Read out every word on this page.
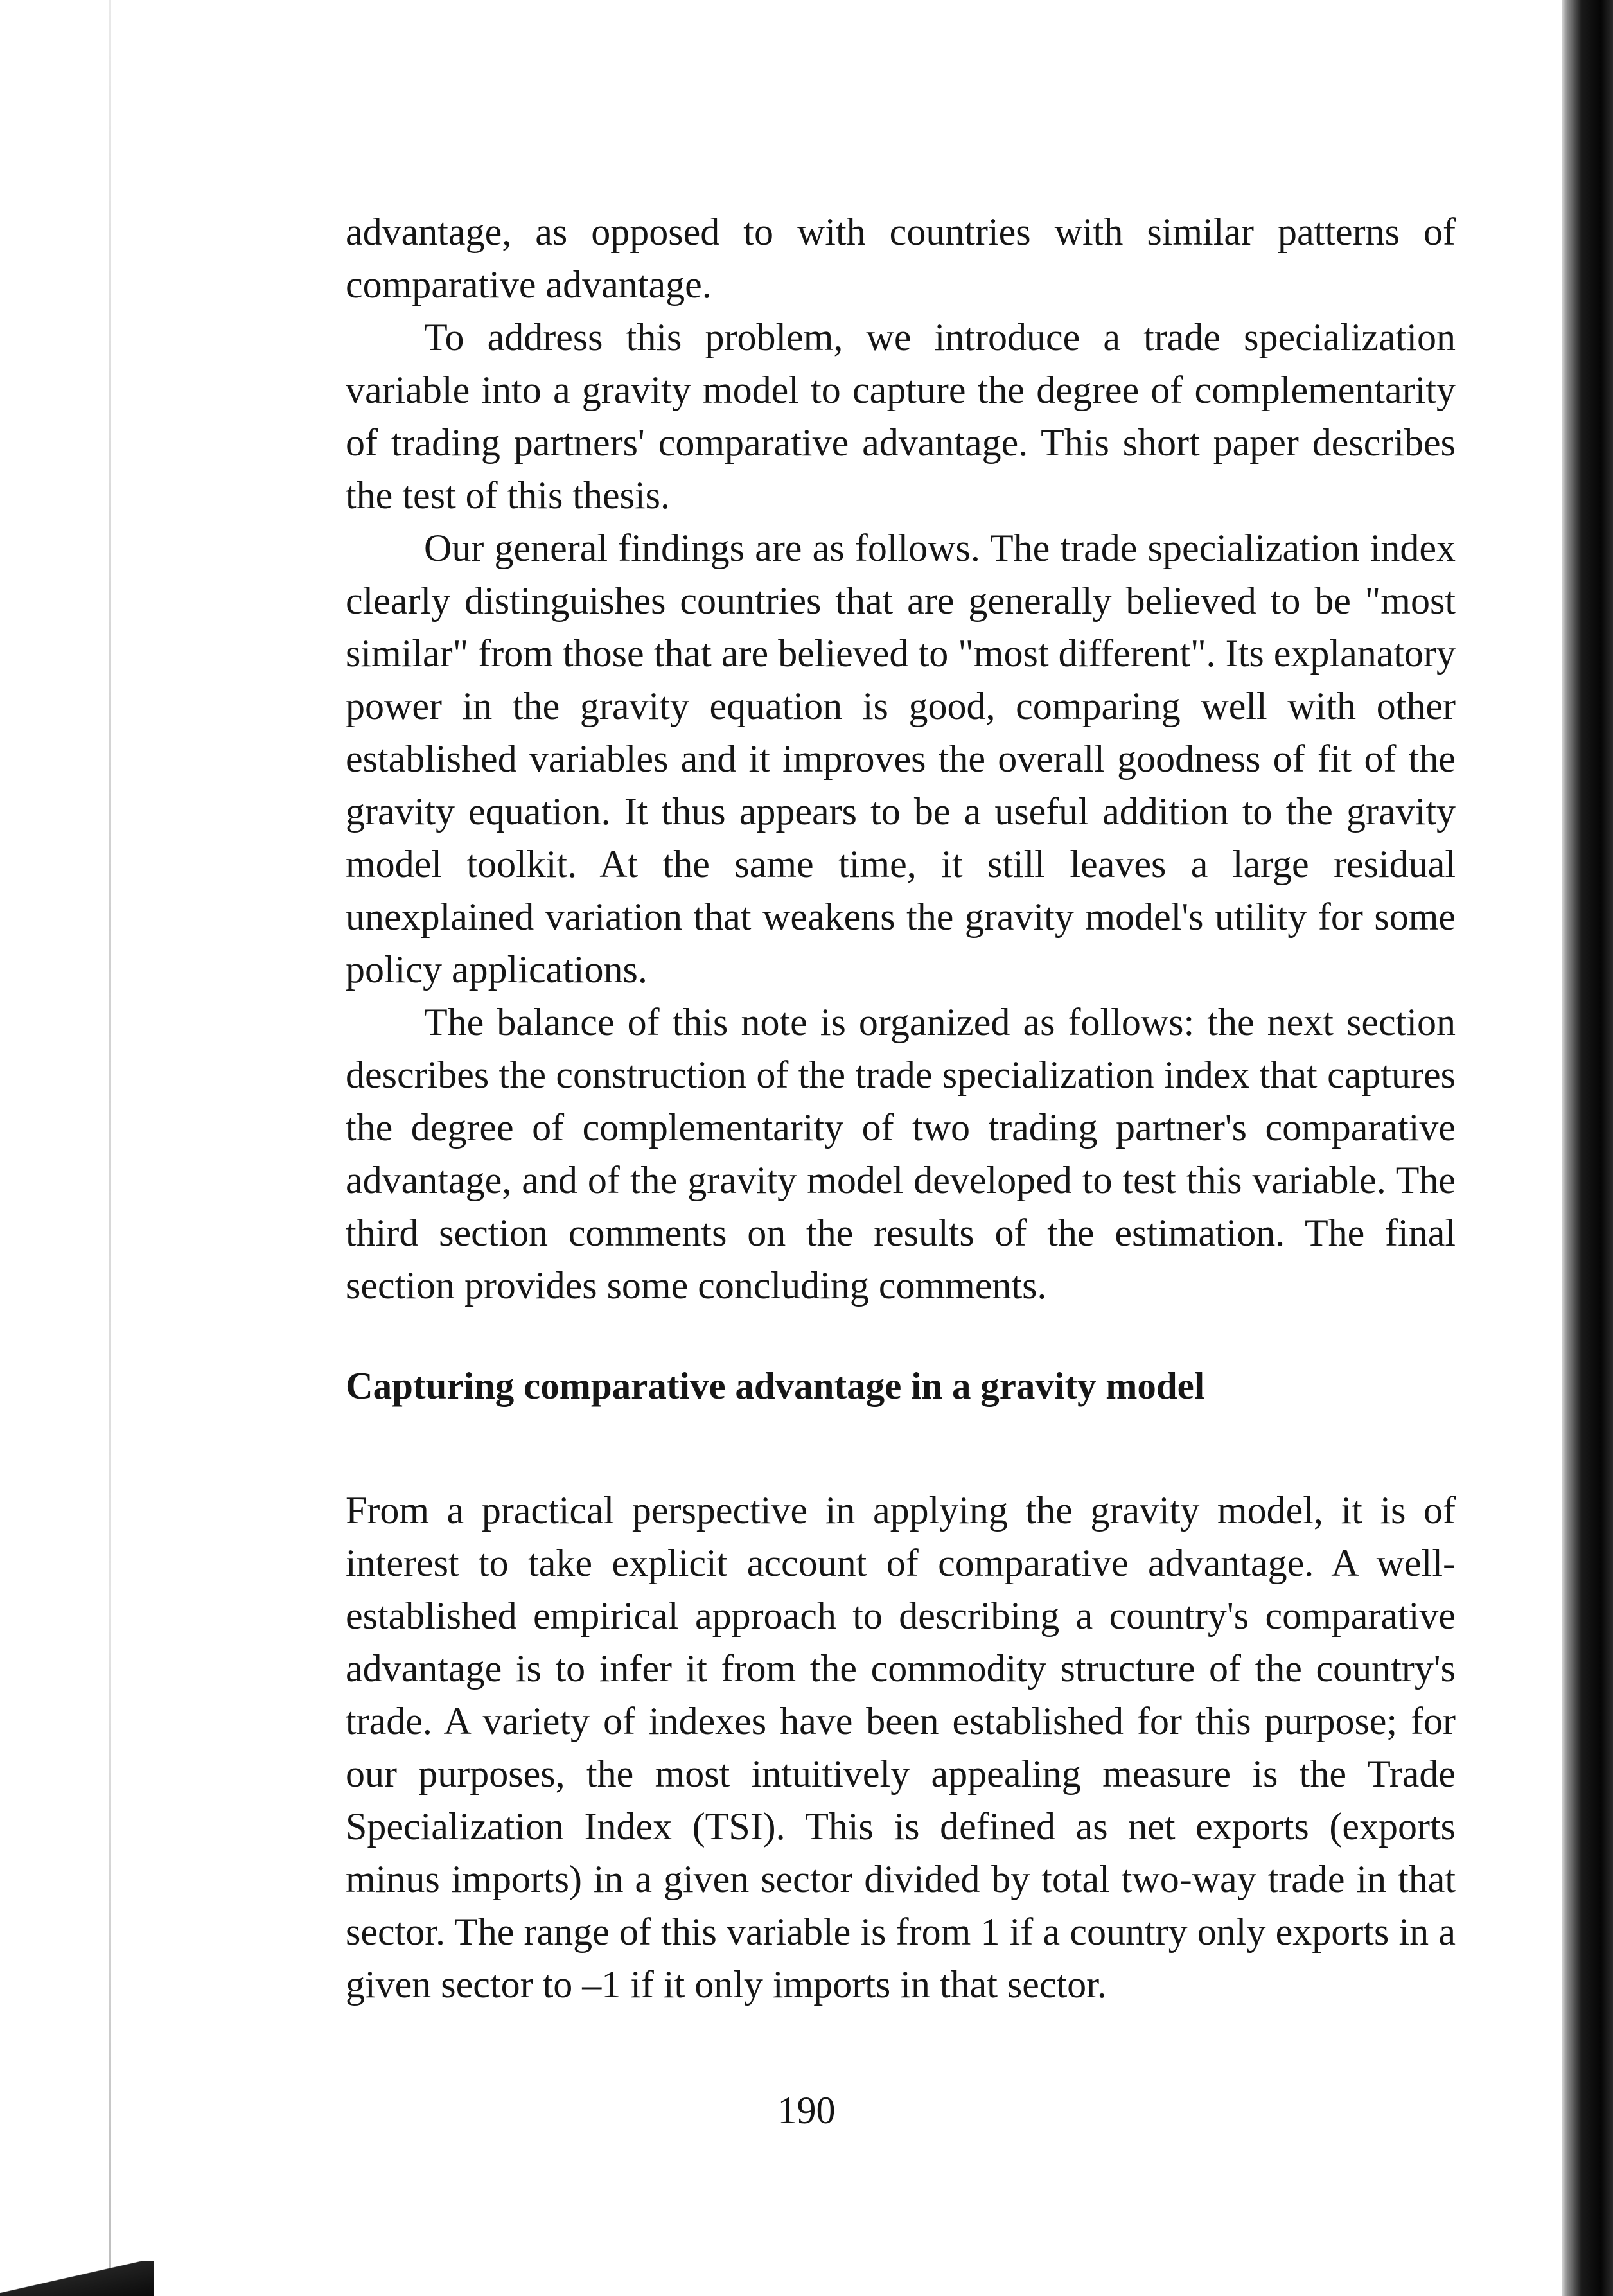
advantage, as opposed to with countries with similar patterns of comparative advantage.

To address this problem, we introduce a trade specialization variable into a gravity model to capture the degree of complementarity of trading partners' comparative advantage. This short paper describes the test of this thesis.

Our general findings are as follows. The trade specialization index clearly distinguishes countries that are generally believed to be "most similar" from those that are believed to "most different". Its explanatory power in the gravity equation is good, comparing well with other established variables and it improves the overall goodness of fit of the gravity equation. It thus appears to be a useful addition to the gravity model toolkit. At the same time, it still leaves a large residual unexplained variation that weakens the gravity model's utility for some policy applications.

The balance of this note is organized as follows: the next section describes the construction of the trade specialization index that captures the degree of complementarity of two trading partner's comparative advantage, and of the gravity model developed to test this variable. The third section comments on the results of the estimation. The final section provides some concluding comments.

Capturing comparative advantage in a gravity model

From a practical perspective in applying the gravity model, it is of interest to take explicit account of comparative advantage. A well-established empirical approach to describing a country's comparative advantage is to infer it from the commodity structure of the country's trade. A variety of indexes have been established for this purpose; for our purposes, the most intuitively appealing measure is the Trade Specialization Index (TSI). This is defined as net exports (exports minus imports) in a given sector divided by total two-way trade in that sector. The range of this variable is from 1 if a country only exports in a given sector to –1 if it only imports in that sector.

190
